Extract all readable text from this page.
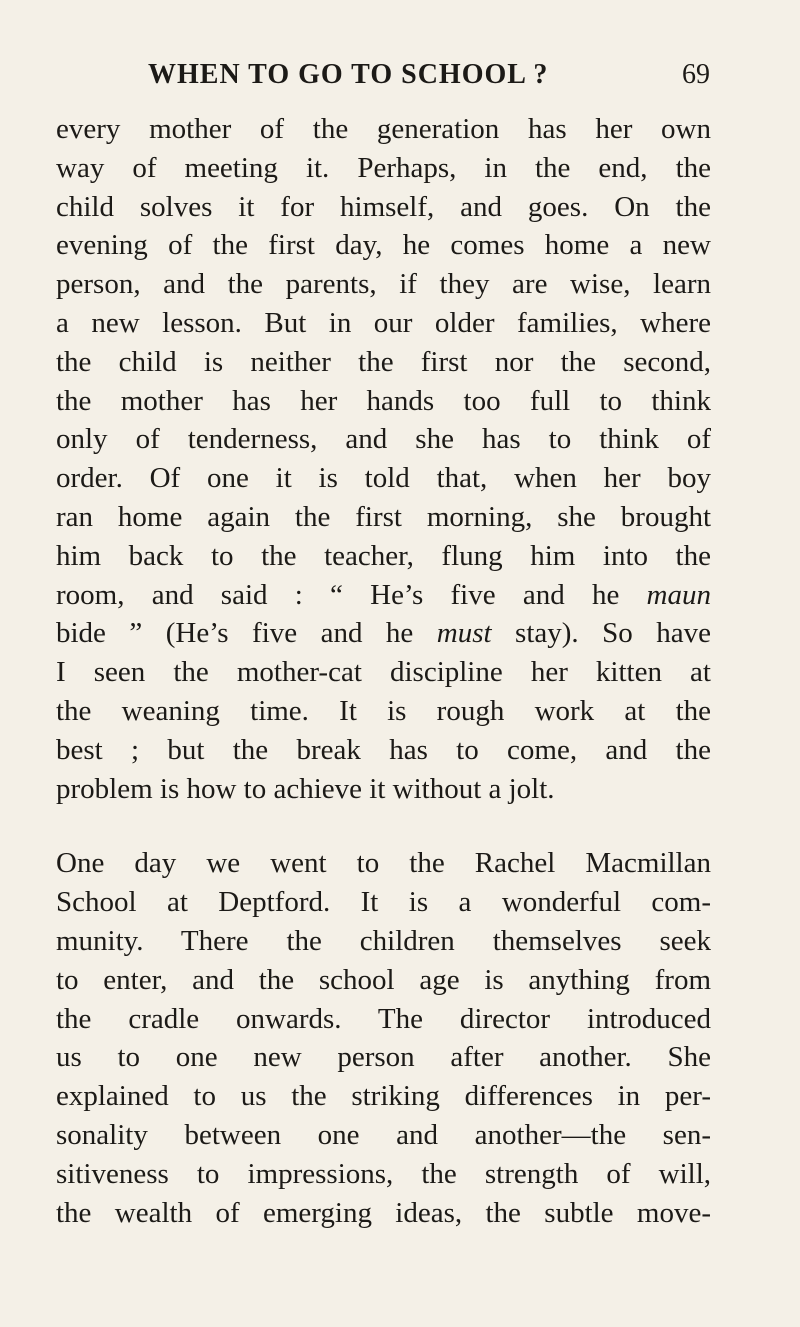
WHEN TO GO TO SCHOOL ?	69
every mother of the generation has her own
way of meeting it. Perhaps, in the end, the
child solves it for himself, and goes. On the
evening of the first day, he comes home a new
person, and the parents, if they are wise, learn
a new lesson. But in our older families, where
the child is neither the first nor the second,
the mother has her hands too full to think
only of tenderness, and she has to think of
order. Of one it is told that, when her boy
ran home again the first morning, she brought
him back to the teacher, flung him into the
room, and said : “ He’s five and he maun
bide ” (He’s five and he must stay). So have
I seen the mother-cat discipline her kitten at
the weaning time. It is rough work at the
best ; but the break has to come, and the
problem is how to achieve it without a jolt.
One day we went to the Rachel Macmillan
School at Deptford. It is a wonderful com-
munity. There the children themselves seek
to enter, and the school age is anything from
the cradle onwards. The director introduced
us to one new person after another. She
explained to us the striking differences in per-
sonality between one and another—the sen-
sitiveness to impressions, the strength of will,
the wealth of emerging ideas, the subtle move-
